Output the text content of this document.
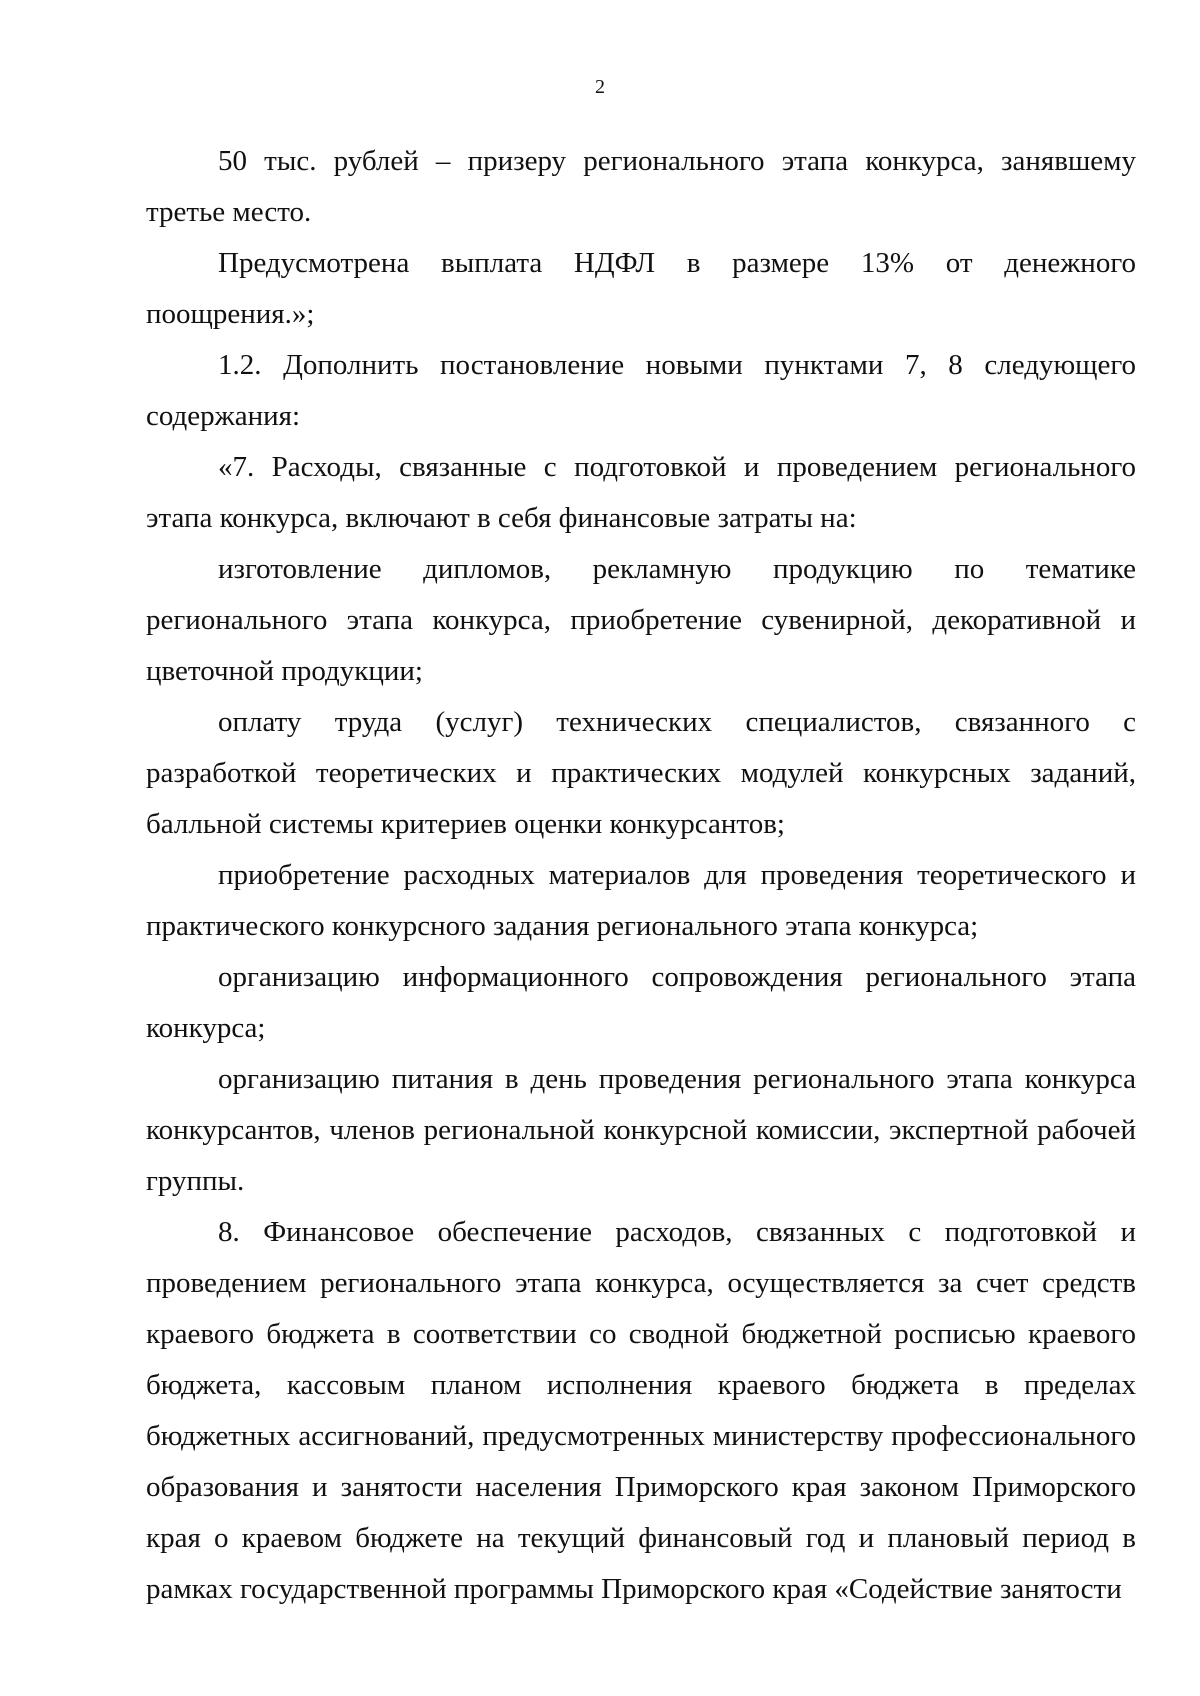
2

50 тыс. рублей – призеру регионального этапа конкурса, занявшему третье место.

Предусмотрена выплата НДФЛ в размере 13% от денежного поощрения.»;

1.2. Дополнить постановление новыми пунктами 7, 8 следующего содержания:

«7. Расходы, связанные с подготовкой и проведением регионального этапа конкурса, включают в себя финансовые затраты на:

изготовление дипломов, рекламную продукцию по тематике регионального этапа конкурса, приобретение сувенирной, декоративной и цветочной продукции;

оплату труда (услуг) технических специалистов, связанного с разработкой теоретических и практических модулей конкурсных заданий, балльной системы критериев оценки конкурсантов;

приобретение расходных материалов для проведения теоретического и практического конкурсного задания регионального этапа конкурса;

организацию информационного сопровождения регионального этапа конкурса;

организацию питания в день проведения регионального этапа конкурса конкурсантов, членов региональной конкурсной комиссии, экспертной рабочей группы.

8. Финансовое обеспечение расходов, связанных с подготовкой и проведением регионального этапа конкурса, осуществляется за счет средств краевого бюджета в соответствии со сводной бюджетной росписью краевого бюджета, кассовым планом исполнения краевого бюджета в пределах бюджетных ассигнований, предусмотренных министерству профессионального образования и занятости населения Приморского края законом Приморского края о краевом бюджете на текущий финансовый год и плановый период в рамках государственной программы Приморского края «Содействие занятости
